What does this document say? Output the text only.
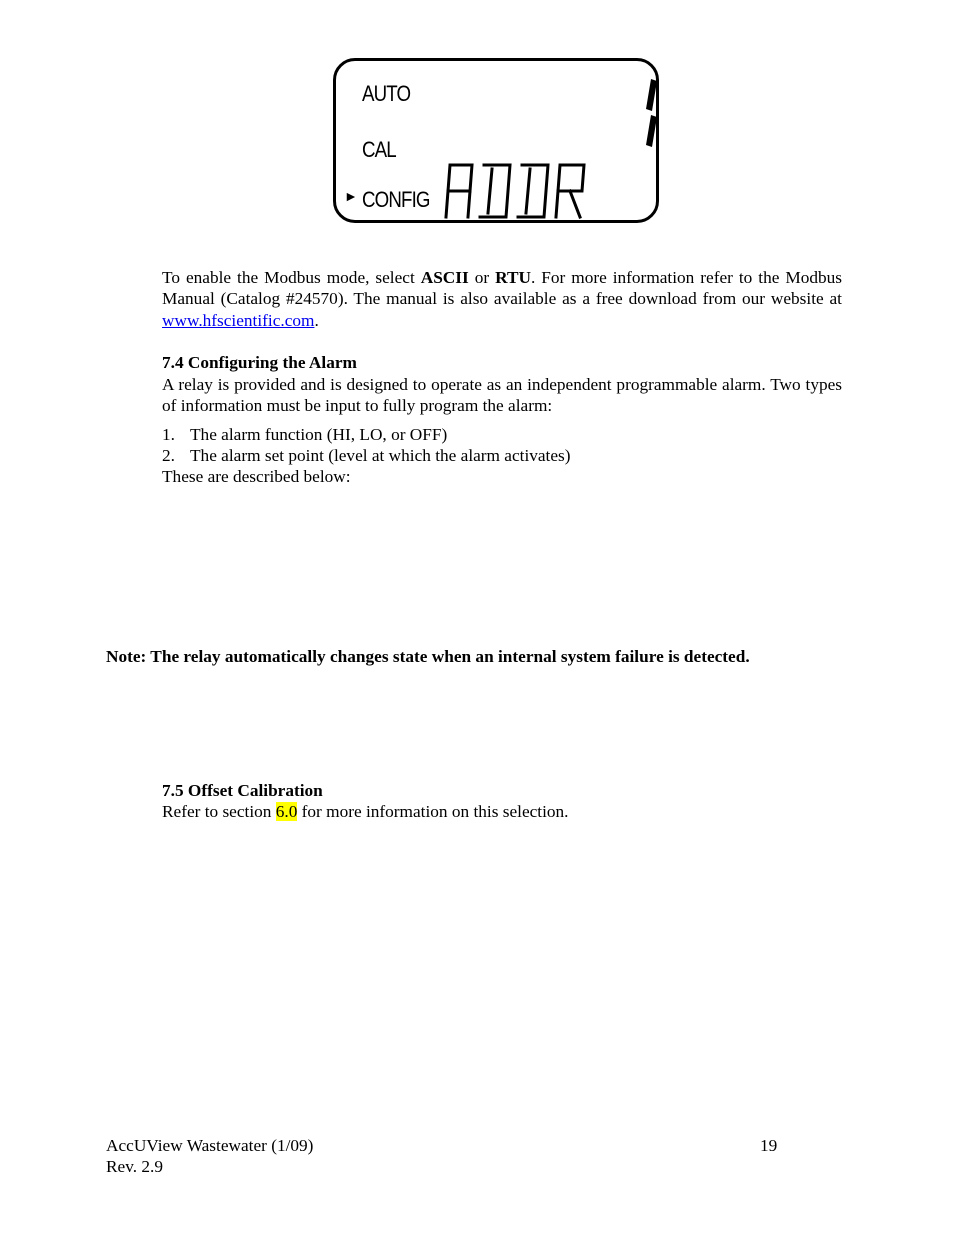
AUTO
CAL
► CONFIG

To enable the Modbus mode, select ASCII or RTU. For more information refer to the Modbus Manual (Catalog #24570). The manual is also available as a free download from our website at www.hfscientific.com.

7.4 Configuring the Alarm

A relay is provided and is designed to operate as an independent programmable alarm. Two types of information must be input to fully program the alarm:

1. The alarm function (HI, LO, or OFF)
2. The alarm set point (level at which the alarm activates)
These are described below:
Note: The relay automatically changes state when an internal system failure is detected.
7.5 Offset Calibration
Refer to section 6.0 for more information on this selection.
AccUView Wastewater (1/09)
Rev. 2.9
19
